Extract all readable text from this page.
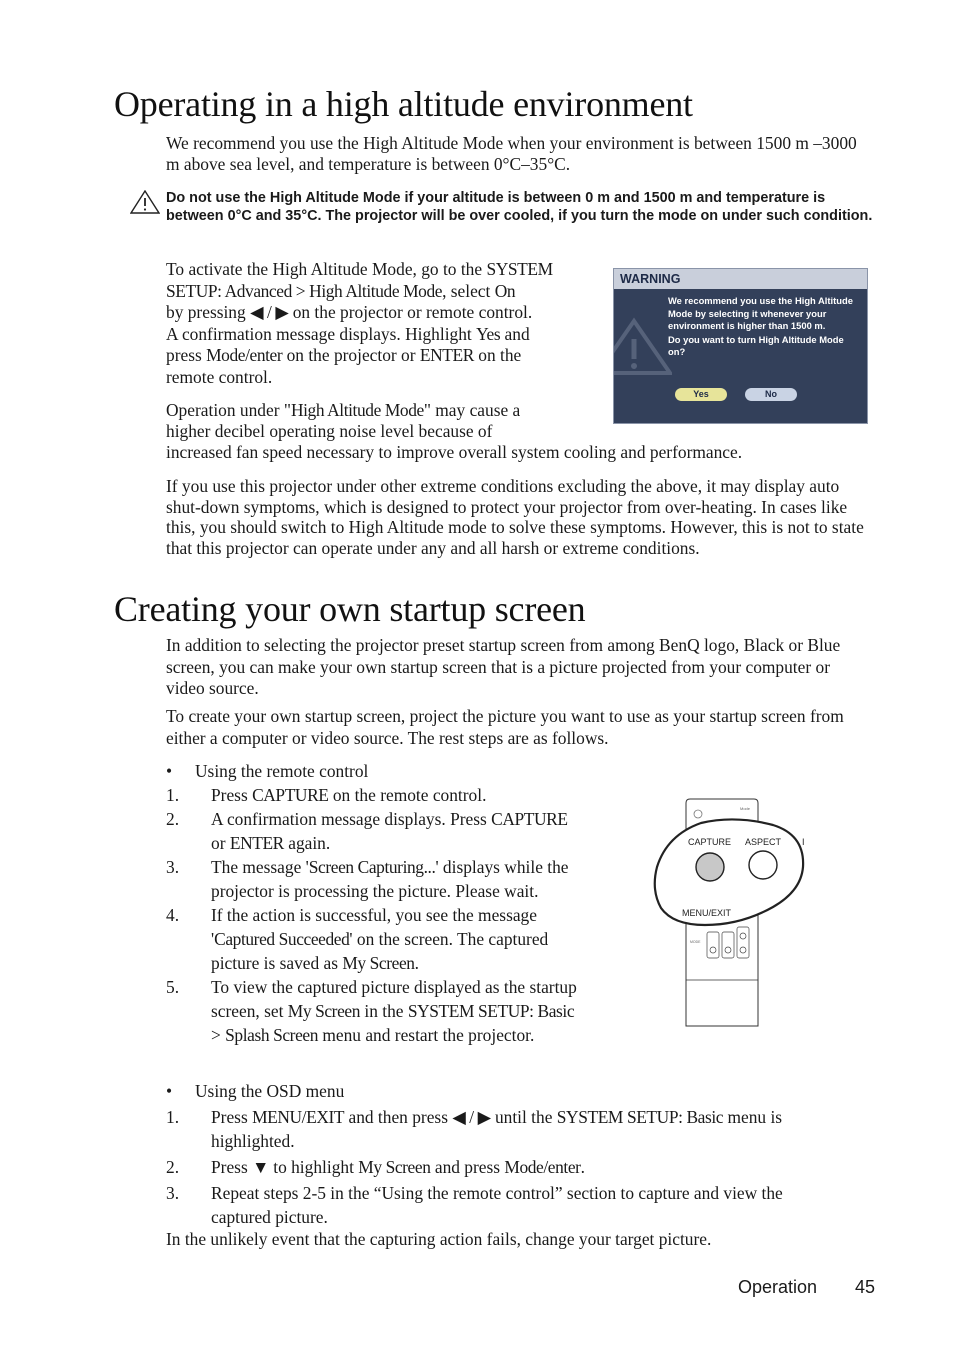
Operating in a high altitude environment

We recommend you use the High Altitude Mode when your environment is between 1500 m –3000 m above sea level, and temperature is between 0°C–35°C.

Do not use the High Altitude Mode if your altitude is between 0 m and 1500 m and temperature is between 0°C and 35°C. The projector will be over cooled, if you turn the mode on under such condition.

To activate the High Altitude Mode, go to the SYSTEM
SETUP: Advanced > High Altitude Mode, select On
by pressing ◀ / ▶ on the projector or remote control.
A confirmation message displays. Highlight Yes and
press Mode/enter on the projector or ENTER on the
remote control.
WARNING
We recommend you use the High Altitude Mode by selecting it whenever your environment is higher than 1500 m.
Do you want to turn High Altitude Mode on?
Yes	No
Operation under "High Altitude Mode" may cause a
higher decibel operating noise level because of
increased fan speed necessary to improve overall system cooling and performance.

If you use this projector under other extreme conditions excluding the above, it may display auto shut-down symptoms, which is designed to protect your projector from over-heating. In cases like this, you should switch to High Altitude mode to solve these symptoms. However, this is not to state that this projector can operate under any and all harsh or extreme conditions.

Creating your own startup screen

In addition to selecting the projector preset startup screen from among BenQ logo, Black or Blue screen, you can make your own startup screen that is a picture projected from your computer or video source.

To create your own startup screen, project the picture you want to use as your startup screen from either a computer or video source. The rest steps are as follows.

• Using the remote control
1. Press CAPTURE on the remote control.
2. A confirmation message displays. Press CAPTURE
or ENTER again.
3. The message 'Screen Capturing...' displays while the
projector is processing the picture. Please wait.
4. If the action is successful, you see the message
'Captured Succeeded' on the screen. The captured
picture is saved as My Screen.
5. To view the captured picture displayed as the startup
screen, set My Screen in the SYSTEM SETUP: Basic
> Splash Screen menu and restart the projector.
Mode
CAPTURE ASPECT
MENU/EXIT
I
MODE
• Using the OSD menu
1. Press MENU/EXIT and then press ◀ / ▶ until the SYSTEM SETUP: Basic menu is
highlighted.
2. Press ▼ to highlight My Screen and press Mode/enter.
3. Repeat steps 2-5 in the “Using the remote control” section to capture and view the
captured picture.

In the unlikely event that the capturing action fails, change your target picture.

Operation 45
